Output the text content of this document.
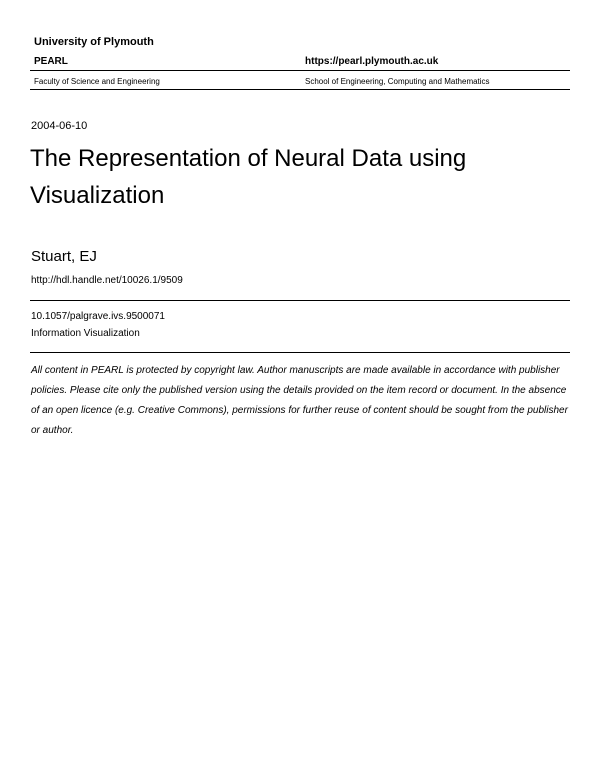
University of Plymouth
PEARL	https://pearl.plymouth.ac.uk
Faculty of Science and Engineering	School of Engineering, Computing and Mathematics
2004-06-10
The Representation of Neural Data using Visualization
Stuart, EJ
http://hdl.handle.net/10026.1/9509
10.1057/palgrave.ivs.9500071
Information Visualization
All content in PEARL is protected by copyright law. Author manuscripts are made available in accordance with publisher policies. Please cite only the published version using the details provided on the item record or document. In the absence of an open licence (e.g. Creative Commons), permissions for further reuse of content should be sought from the publisher or author.
